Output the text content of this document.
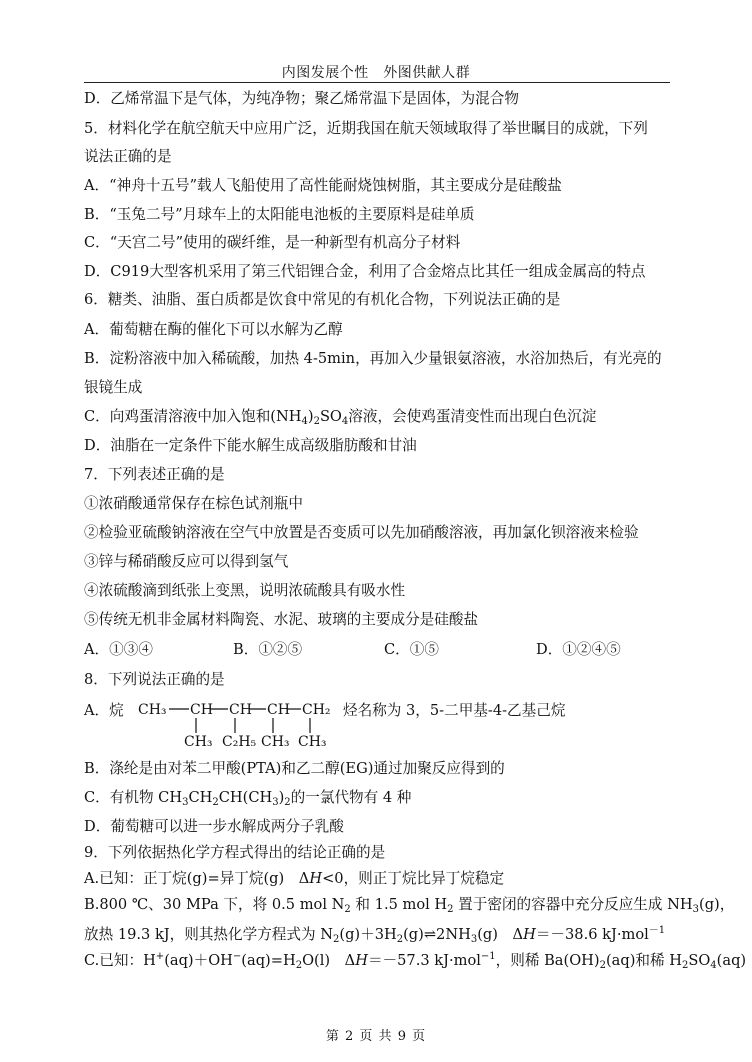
内图发展个性　外图供献人群
D．乙烯常温下是气体，为纯净物；聚乙烯常温下是固体，为混合物
5．材料化学在航空航天中应用广泛，近期我国在航天领域取得了举世瞩目的成就，下列
说法正确的是
A．“神舟十五号”载人飞船使用了高性能耐烧蚀树脂，其主要成分是硅酸盐
B．“玉兔二号”月球车上的太阳能电池板的主要原料是硅单质
C．“天宫二号”使用的碳纤维，是一种新型有机高分子材料
D．C919大型客机采用了第三代铝锂合金，利用了合金熔点比其任一组成金属高的特点
6．糖类、油脂、蛋白质都是饮食中常见的有机化合物，下列说法正确的是
A．葡萄糖在酶的催化下可以水解为乙醇
B．淀粉溶液中加入稀硫酸，加热 4-5min，再加入少量银氨溶液，水浴加热后，有光亮的
银镜生成
C．向鸡蛋清溶液中加入饱和$(NH_4)_2SO_4$溶液，会使鸡蛋清变性而出现白色沉淀
D．油脂在一定条件下能水解生成高级脂肪酸和甘油
7．下列表述正确的是
①浓硝酸通常保存在棕色试剂瓶中
②检验亚硫酸钠溶液在空气中放置是否变质可以先加硝酸溶液，再加氯化钡溶液来检验
③锌与稀硝酸反应可以得到氢气
④浓硫酸滴到纸张上变黑，说明浓硫酸具有吸水性
⑤传统无机非金属材料陶瓷、水泥、玻璃的主要成分是硅酸盐
A．①③④	B．①②⑤	C．①⑤	D．①②④⑤
8．下列说法正确的是
A．烷 CH₃ CH CH CH CH₂
CH₃ C₂H₅ CH₃ CH₃
烃名称为 3，5-二甲基-4-乙基己烷
B．涤纶是由对苯二甲酸(PTA)和乙二醇(EG)通过加聚反应得到的
C．有机物 $CH_3CH_2CH(CH_3)_2$的一氯代物有 4 种
D．葡萄糖可以进一步水解成两分子乳酸
9．下列依据热化学方程式得出的结论正确的是
A.已知：正丁烷(g)=异丁烷(g)　ΔH<0，则正丁烷比异丁烷稳定
B.800 ℃、30 MPa 下，将 0.5 mol $N_2$ 和 1.5 mol $H_2$ 置于密闭的容器中充分反应生成 $NH_3(g)$，
放热 19.3 kJ，则其热化学方程式为 $N_2(g)+3H_2(g)\rightleftharpoons 2NH_3(g)$　ΔH＝－38.6 kJ·mol$^{-1}$
C.已知：$H^+(aq)+OH^-(aq)=H_2O(l)$　ΔH＝－57.3 kJ·mol$^{-1}$，则稀 $Ba(OH)_2(aq)$和稀 $H_2SO_4(aq)$
第 2 页 共 9 页
